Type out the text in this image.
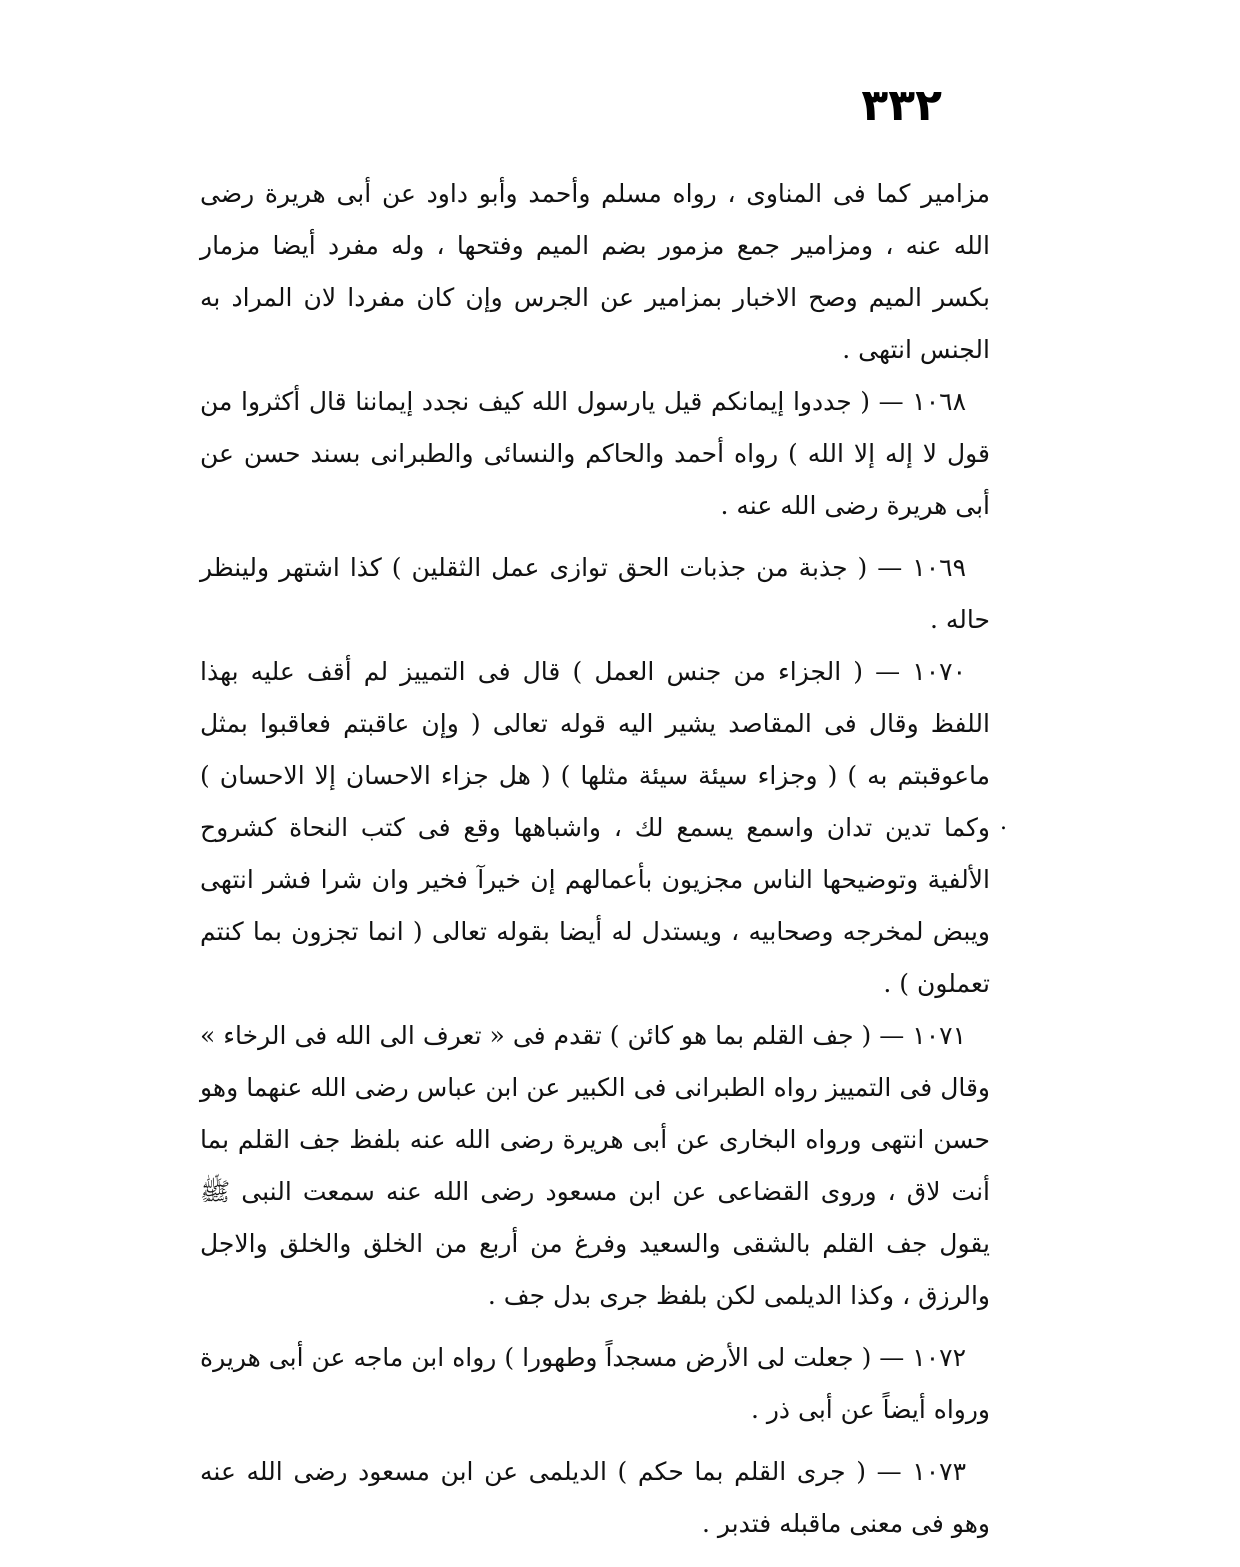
٣٣٢

مزامير كما فى المناوى ، رواه مسلم وأحمد وأبو داود عن أبى هريرة رضى الله عنه ، ومزامير جمع مزمور بضم الميم وفتحها ، وله مفرد أيضا مزمار بكسر الميم وصح الاخبار بمزامير عن الجرس وإن كان مفردا لان المراد به الجنس انتهى .

١٠٦٨ — ( جددوا إيمانكم قيل يارسول الله كيف نجدد إيماننا قال أكثروا من قول لا إله إلا الله ) رواه أحمد والحاكم والنسائى والطبرانى بسند حسن عن أبى هريرة رضى الله عنه .

١٠٦٩ — ( جذبة من جذبات الحق توازى عمل الثقلين ) كذا اشتهر ولينظر حاله .

١٠٧٠ — ( الجزاء من جنس العمل ) قال فى التمييز لم أقف عليه بهذا اللفظ وقال فى المقاصد يشير اليه قوله تعالى ( وإن عاقبتم فعاقبوا بمثل ماعوقبتم به ) ( وجزاء سيئة سيئة مثلها ) ( هل جزاء الاحسان إلا الاحسان ) وكما تدين تدان واسمع يسمع لك ، واشباهها وقع فى كتب النحاة كشروح الألفية وتوضيحها الناس مجزيون بأعمالهم إن خيرآ فخير وان شرا فشر انتهى ويبض لمخرجه وصحابيه ، ويستدل له أيضا بقوله تعالى ( انما تجزون بما كنتم تعملون ) .

١٠٧١ — ( جف القلم بما هو كائن ) تقدم فى « تعرف الى الله فى الرخاء » وقال فى التمييز رواه الطبرانى فى الكبير عن ابن عباس رضى الله عنهما وهو حسن انتهى ورواه البخارى عن أبى هريرة رضى الله عنه بلفظ جف القلم بما أنت لاق ، وروى القضاعى عن ابن مسعود رضى الله عنه سمعت النبى ﷺ يقول جف القلم بالشقى والسعيد وفرغ من أربع من الخلق والخلق والاجل والرزق ، وكذا الديلمى لكن بلفظ جرى بدل جف .

١٠٧٢ — ( جعلت لى الأرض مسجداً وطهورا ) رواه ابن ماجه عن أبى هريرة ورواه أيضاً عن أبى ذر .

١٠٧٣ — ( جرى القلم بما حكم ) الديلمى عن ابن مسعود رضى الله عنه وهو فى معنى ماقبله فتدبر .

.
